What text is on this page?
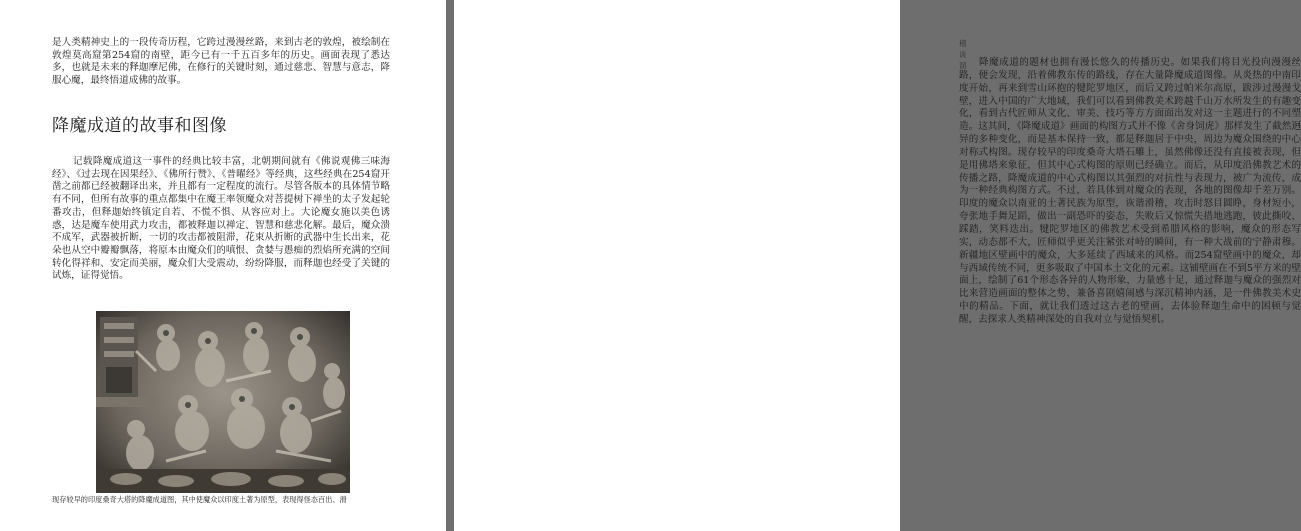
是人类精神史上的一段传奇历程，它跨过漫漫丝路，来到古老的敦煌，被绘制在敦煌莫高窟第254窟的南壁，距今已有一千五百多年的历史。画面表现了悉达多，也就是未来的释迦摩尼佛，在修行的关键时刻，通过慈悲、智慧与意志，降服心魔，最终悟道成佛的故事。

降魔成道的故事和图像

记载降魔成道这一事件的经典比较丰富，北朝期间就有《佛说观佛三味海经》、《过去现在因果经》、《佛所行赞》、《普曜经》等经典，这些经典在254窟开凿之前都已经被翻译出来，并且都有一定程度的流行。尽管各版本的具体情节略有不同，但所有故事的重点都集中在魔王率领魔众对菩提树下禅坐的太子发起轮番攻击，但释迦始终镇定自若、不慌不惧、从容应对上。大论魔女施以美色诱惑，达是魔车使用武力攻击，都被释迦以禅定、智慧和慈悲化解。最后，魔众溃不成军，武器被折断，一切的攻击都被阻滞，花束从折断的武器中生长出来，花朵也从空中瓣瓣飘落，将原本由魔众们的嗔恨、贪婪与愚痴的烈焰所充满的空间转化得祥和、安定而美丽，魔众们大受震动，纷纷降服，而释迦也经受了关键的试炼，证得觉悟。

现存较早的印度桑奇大塔的降魔成道图，其中使魔众以印度土著为原型，表现得怪态百出、滑
稽谈溜	降魔成道的题材也拥有漫长悠久的传播历史。如果我们将目光投向漫漫丝路，便会发现，沿着佛教东传的路线，存在大量降魔成道图像。从炎热的中南印度开始，再来到雪山环抱的犍陀罗地区，而后又跨过帕米尔高原，跋涉过漫漫戈壁，进入中国的广大地域，我们可以看到佛教美术跨越千山万水所发生的有趣变化，看到古代匠师从文化、审美、技巧等方方面面出发对这一主题进行的不同塑造。这其间，《降魔成道》画面的构图方式并不像《舍身饲虎》那样发生了截然迥异的多种变化，而是基本保持一致，都是释迦居于中央，周边为魔众围绕的中心对称式构图。现存较早的印度桑奇大塔石雕上，虽然佛像还没有直接被表现，但是用佛塔来象征，但其中心式构图的原则已经确立。而后，从印度沿佛教艺术的传播之路，降魔成道的中心式构图以其强烈的对抗性与表现力，被广为流传，成为一种经典构图方式。不过，若具体到对魔众的表现，各地的图像却千差万别。印度的魔众以南亚的土著民族为原型，诙谐滑稽，攻击时怒目圆睁，身材短小，夸张地手舞足蹈，做出一副恐吓的姿态，失败后又惊慌失措地逃跑，彼此撕咬、踩踏，笑料迭出。犍陀罗地区的佛教艺术受到希腊风格的影响，魔众的形态写实，动态都不大，匠师似乎更关注紧张对峙的瞬间，有一种大战前的宁静肃穆。新疆地区壁画中的魔众，大多延续了西域来的风格。而254窟壁画中的魔众，却与西域传统不同，更多吸取了中国本土文化的元素。这铺壁画在不到5平方米的壁面上，绘制了61个形态各异的人物形象，力量感十足，通过释迦与魔众的强烈对比来营造画面的整体之势，兼备喜剧嬉闹感与深沉精神内涵，是一件佛教美术史中的精品。下面，就让我们透过这古老的壁画，去体验释迦生命中的困顿与觉醒，去探求人类精神深处的自我对立与觉悟契机。
